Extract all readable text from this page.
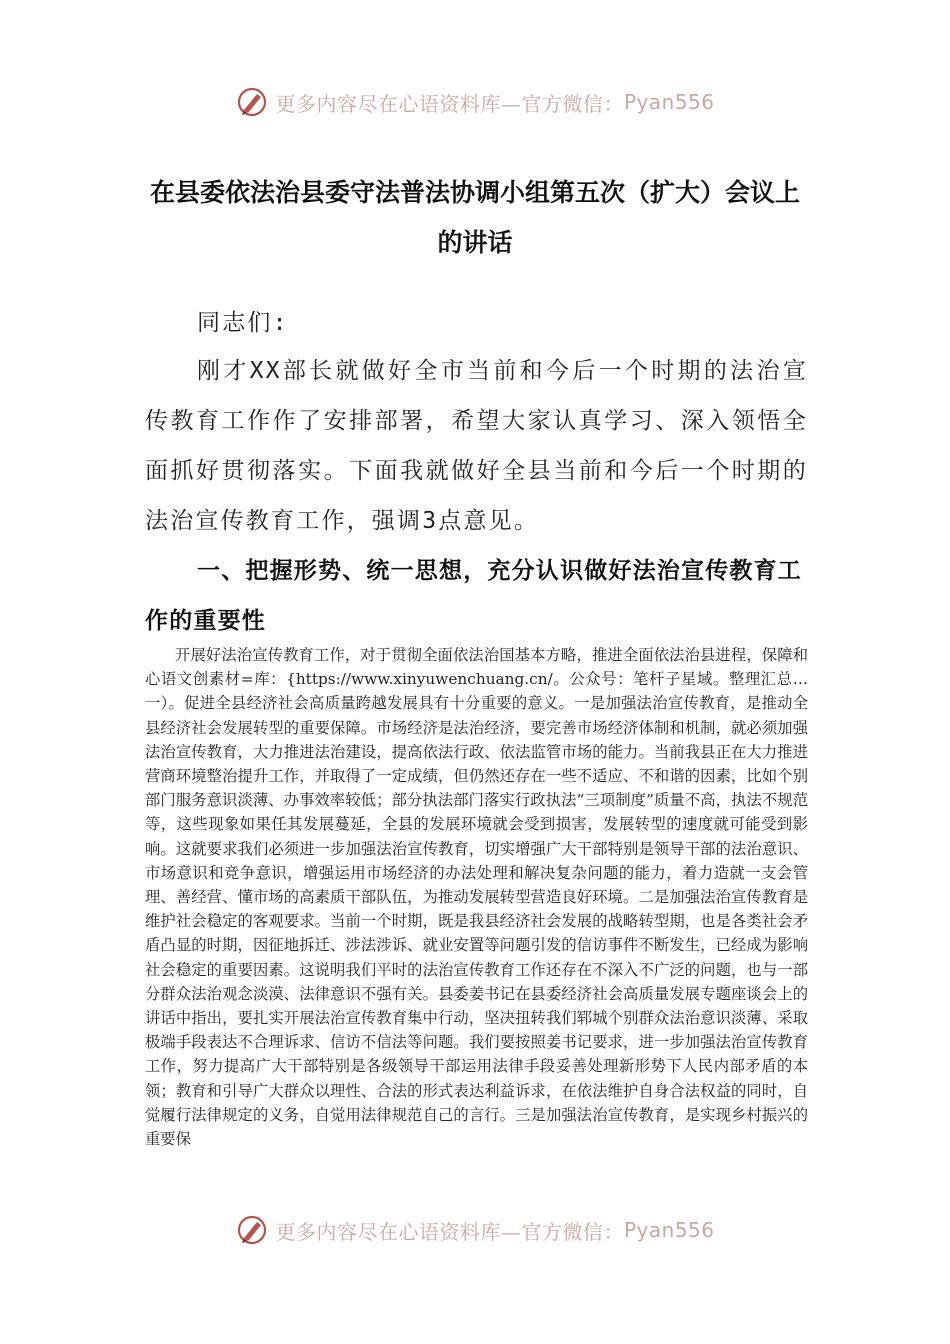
更多内容尽在心语资料库—官方微信： Pyan556
在县委依法治县委守法普法协调小组第五次（扩大）会议上的讲话
同志们:
刚才XX部长就做好全市当前和今后一个时期的法治宣传教育工作作了安排部署，希望大家认真学习、深入领悟全面抓好贯彻落实。下面我就做好全县当前和今后一个时期的法治宣传教育工作，强调3点意见。
一、把握形势、统一思想，充分认识做好法治宣传教育工作的重要性
开展好法治宣传教育工作，对于贯彻全面依法治国基本方略，推进全面依法治县进程，保障和心语文创素材=库：{https://www.xinyuwenchuang.cn/。公众号：笔杆子星域。整理汇总…一）。促进全县经济社会高质量跨越发展具有十分重要的意义。一是加强法治宣传教育，是推动全县经济社会发展转型的重要保障。市场经济是法治经济，要完善市场经济体制和机制，就必须加强法治宣传教育，大力推进法治建设，提高依法行政、依法监管市场的能力。当前我县正在大力推进营商环境整治提升工作，并取得了一定成绩，但仍然还存在一些不适应、不和谐的因素，比如个别部门服务意识淡薄、办事效率较低；部分执法部门落实行政执法“三项制度”质量不高，执法不规范等，这些现象如果任其发展蔓延，全县的发展环境就会受到损害，发展转型的速度就可能受到影响。这就要求我们必须进一步加强法治宣传教育，切实增强广大干部特别是领导干部的法治意识、市场意识和竞争意识，增强运用市场经济的办法处理和解决复杂问题的能力，着力造就一支会管理、善经营、懂市场的高素质干部队伍，为推动发展转型营造良好环境。二是加强法治宣传教育是维护社会稳定的客观要求。当前一个时期，既是我县经济社会发展的战略转型期，也是各类社会矛盾凸显的时期，因征地拆迁、涉法涉诉、就业安置等问题引发的信访事件不断发生，已经成为影响社会稳定的重要因素。这说明我们平时的法治宣传教育工作还存在不深入不广泛的问题，也与一部分群众法治观念淡漠、法律意识不强有关。县委姜书记在县委经济社会高质量发展专题座谈会上的讲话中指出，要扎实开展法治宣传教育集中行动，坚决扭转我们郓城个别群众法治意识淡薄、采取极端手段表达不合理诉求、信访不信法等问题。我们要按照姜书记要求，进一步加强法治宣传教育工作，努力提高广大干部特别是各级领导干部运用法律手段妥善处理新形势下人民内部矛盾的本领；教育和引导广大群众以理性、合法的形式表达利益诉求，在依法维护自身合法权益的同时，自觉履行法律规定的义务，自觉用法律规范自己的言行。三是加强法治宣传教育，是实现乡村振兴的重要保
更多内容尽在心语资料库—官方微信： Pyan556
